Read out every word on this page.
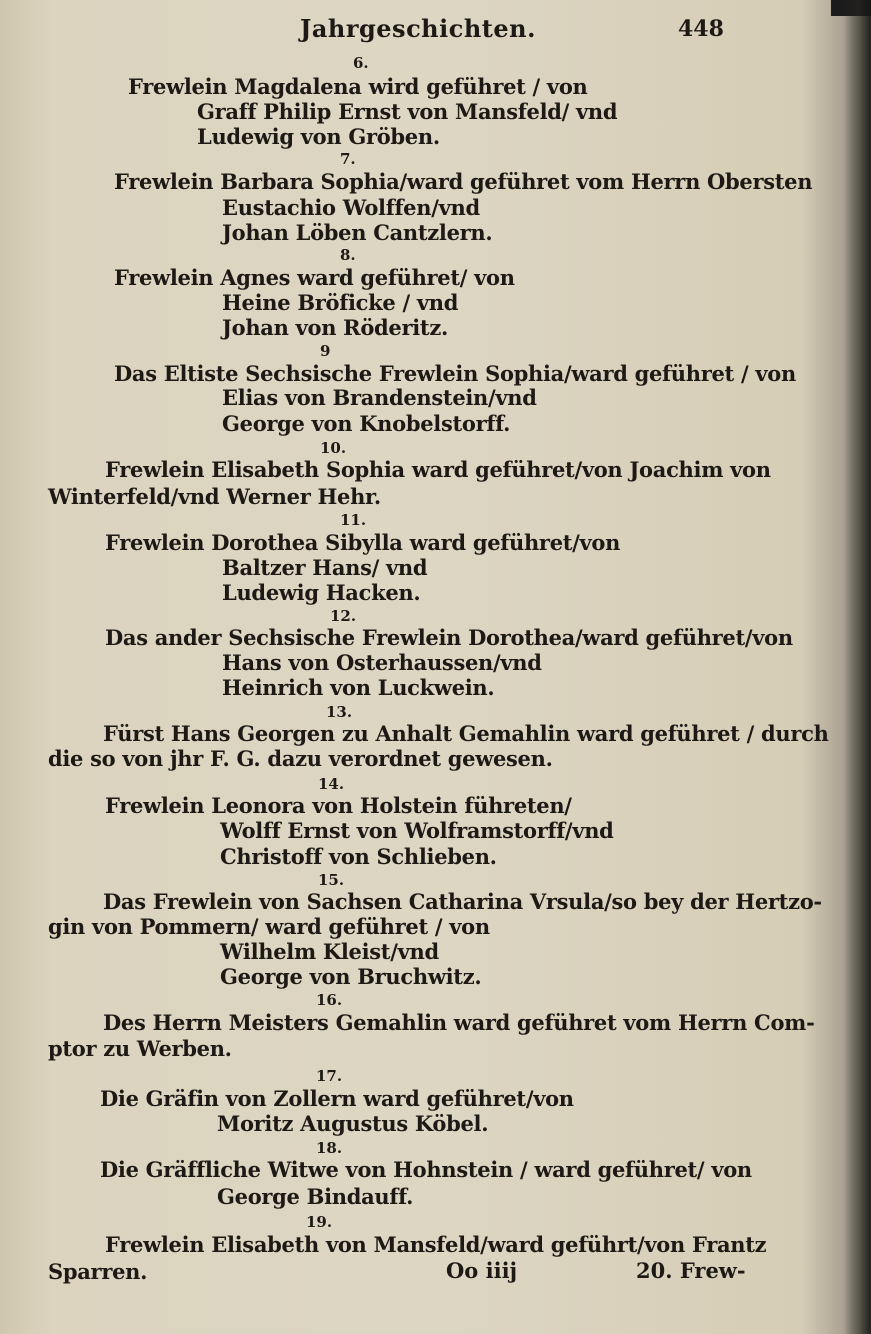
Jahrgeschichten.	448
6.
Frewlein Magdalena wird geführet / von
Graff Philip Ernst von Mansfeld/ vnd
Ludewig von Gröben.
7.
Frewlein Barbara Sophia/ward geführet vom Herrn Obersten
Eustachio Wolffen/vnd
Johan Löben Cantzlern.
8.
Frewlein Agnes ward geführet/ von
Heine Bröficke / vnd
Johan von Röderitz.
9
Das Eltiste Sechsische Frewlein Sophia/ward geführet / von
Elias von Brandenstein/vnd
George von Knobelstorff.
10.
Frewlein Elisabeth Sophia ward geführet/von Joachim von
Winterfeld/vnd Werner Hehr.
11.
Frewlein Dorothea Sibylla ward geführet/von
Baltzer Hans/ vnd
Ludewig Hacken.
12.
Das ander Sechsische Frewlein Dorothea/ward geführet/von
Hans von Osterhaussen/vnd
Heinrich von Luckwein.
13.
Fürst Hans Georgen zu Anhalt Gemahlin ward geführet / durch
die so von jhr F. G. dazu verordnet gewesen.
14.
Frewlein Leonora von Holstein führeten/
Wolff Ernst von Wolframstorff/vnd
Christoff von Schlieben.
15.
Das Frewlein von Sachsen Catharina Vrsula/so bey der Hertzo-
gin von Pommern/ ward geführet / von
Wilhelm Kleist/vnd
George von Bruchwitz.
16.
Des Herrn Meisters Gemahlin ward geführet vom Herrn Com-
ptor zu Werben.
17.
Die Gräfin von Zollern ward geführet/von
Moritz Augustus Köbel.
18.
Die Gräffliche Witwe von Hohnstein / ward geführet/ von
George Bindauff.
19.
Frewlein Elisabeth von Mansfeld/ward geführt/von Frantz
Sparren.	Oo iiij	20. Frew-
